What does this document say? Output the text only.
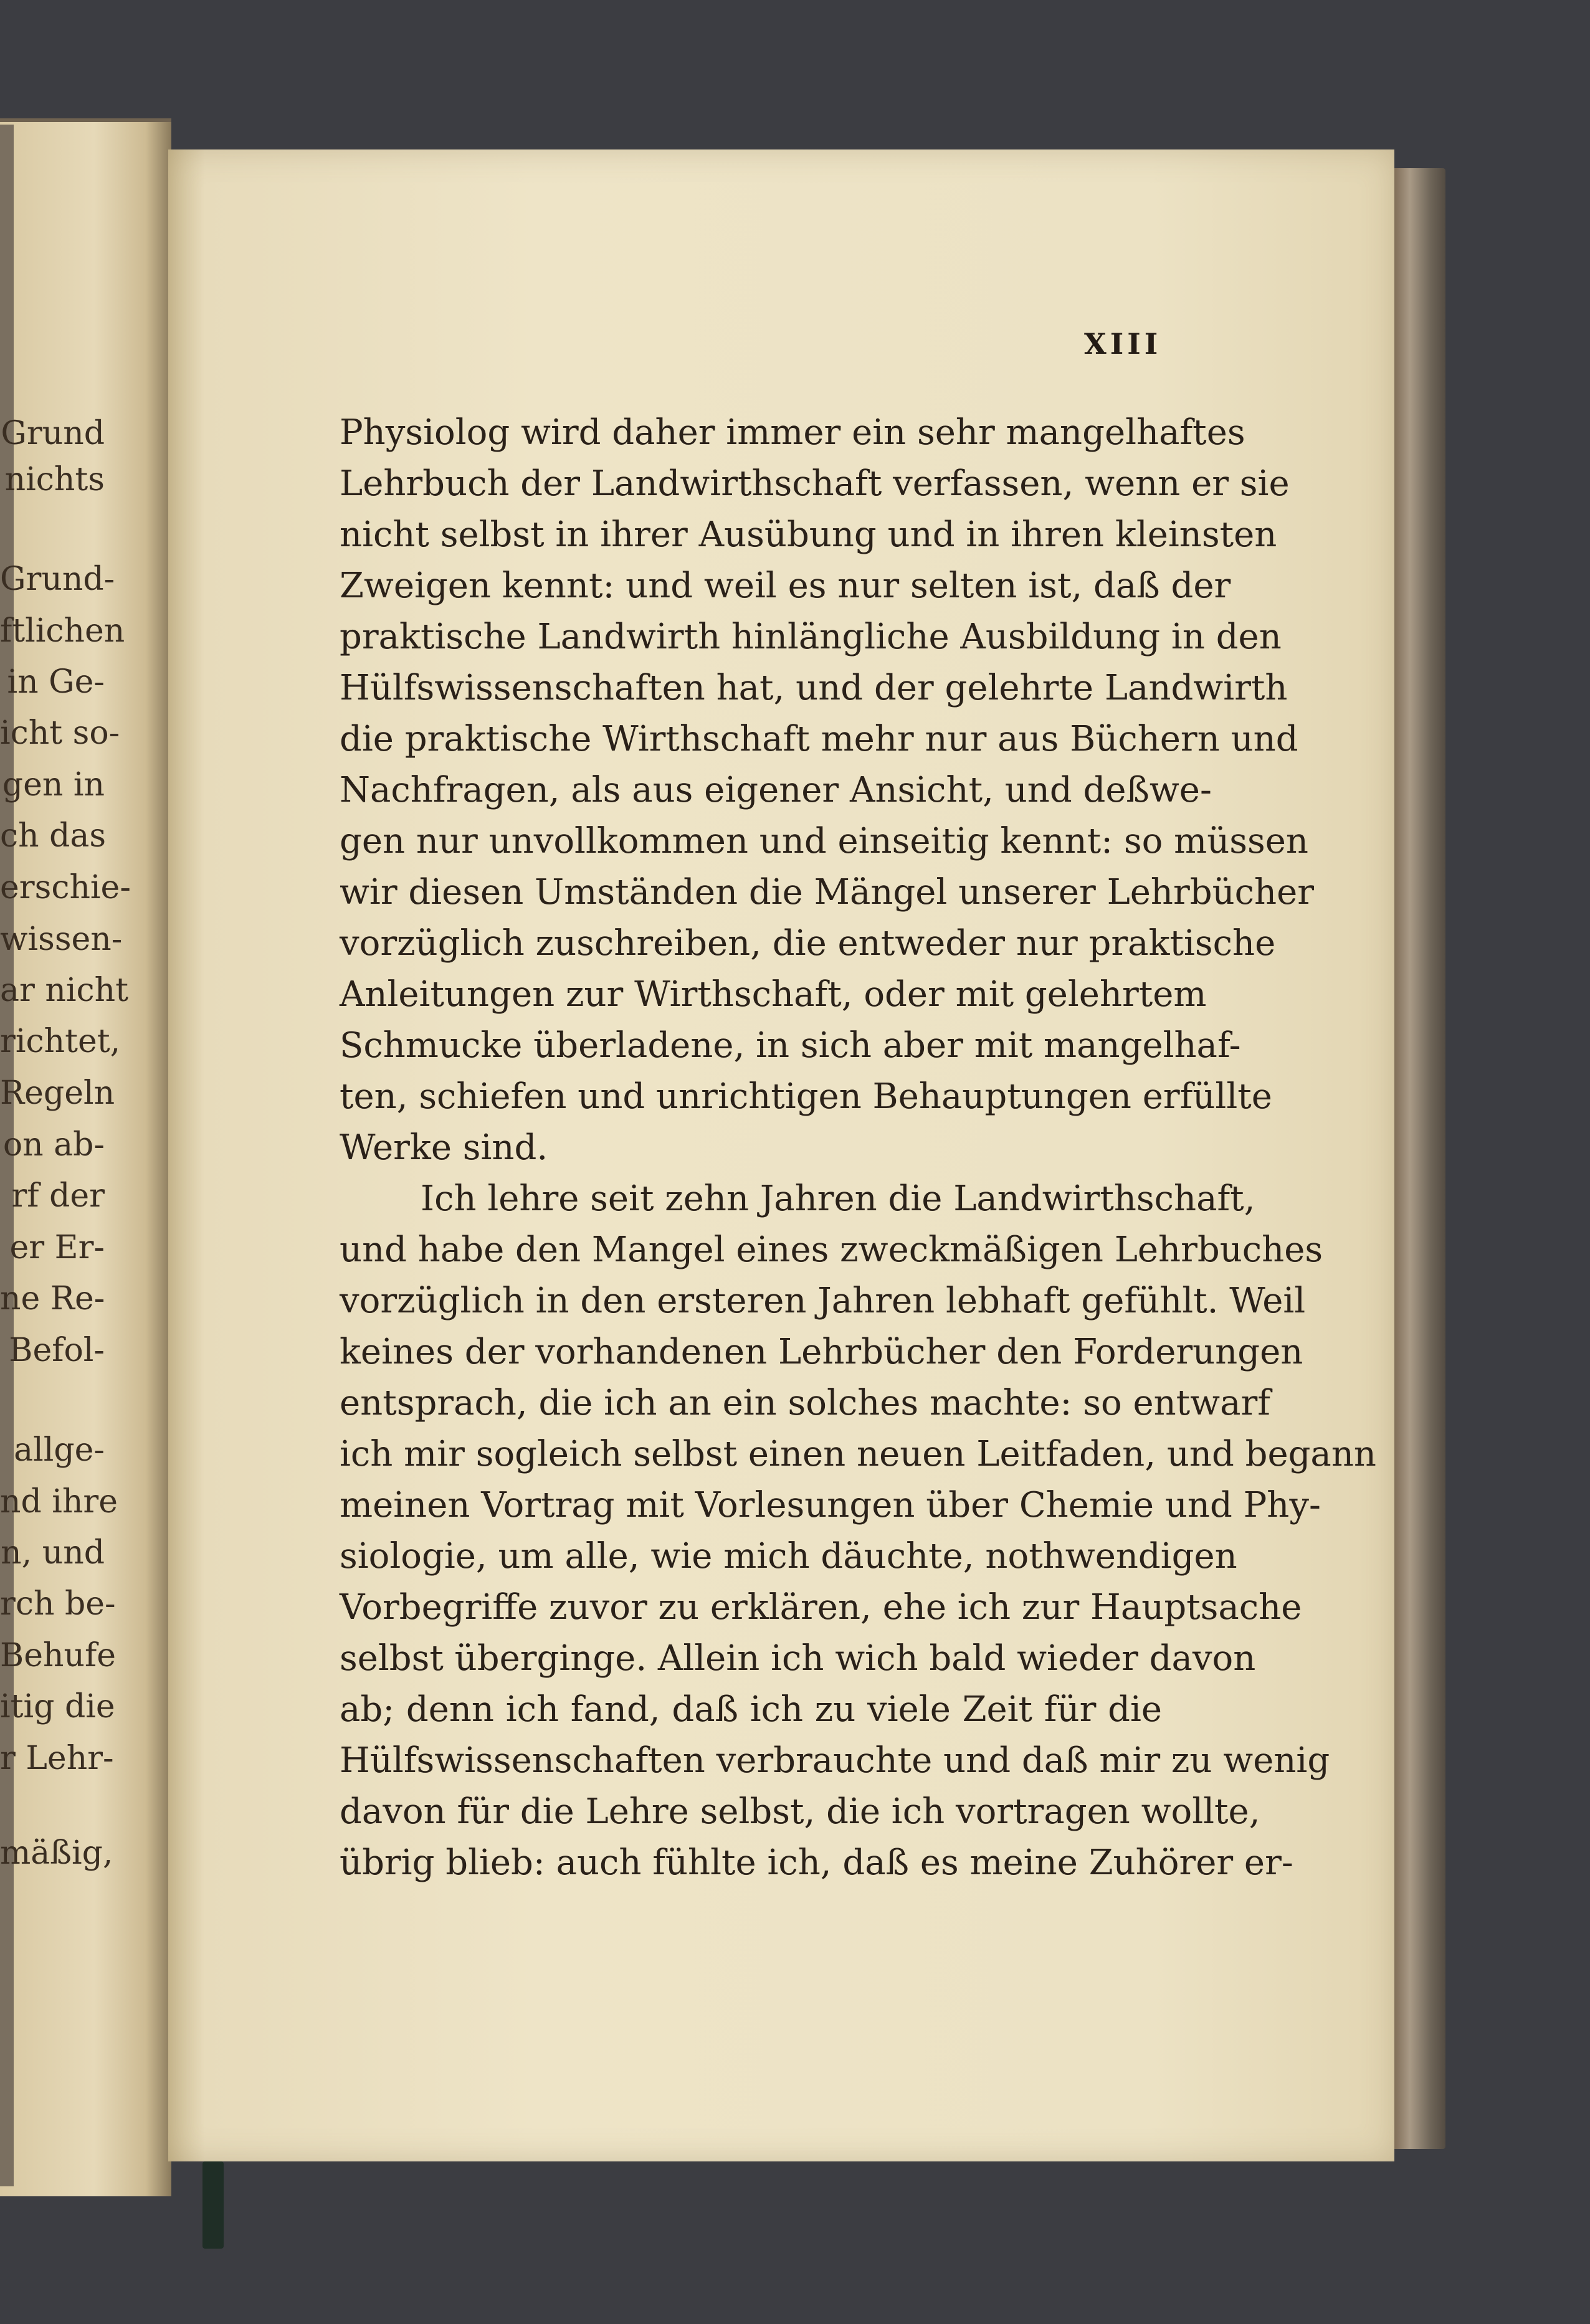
Grund
nichts
Grund-
ftlichen
in Ge-
icht so-
gen in
ch das
erschie-
wissen-
ar nicht
richtet,
Regeln
on ab-
rf der
er Er-
ne Re-
Befol-
allge-
nd ihre
n, und
rch be-
Behufe
itig die
r Lehr-
mäßig,
XIII
Physiolog wird daher immer ein sehr mangelhaftes
Lehrbuch der Landwirthschaft verfassen, wenn er sie
nicht selbst in ihrer Ausübung und in ihren kleinsten
Zweigen kennt: und weil es nur selten ist, daß der
praktische Landwirth hinlängliche Ausbildung in den
Hülfswissenschaften hat, und der gelehrte Landwirth
die praktische Wirthschaft mehr nur aus Büchern und
Nachfragen, als aus eigener Ansicht, und deßwe-
gen nur unvollkommen und einseitig kennt: so müssen
wir diesen Umständen die Mängel unserer Lehrbücher
vorzüglich zuschreiben, die entweder nur praktische
Anleitungen zur Wirthschaft, oder mit gelehrtem
Schmucke überladene, in sich aber mit mangelhaf-
ten, schiefen und unrichtigen Behauptungen erfüllte
Werke sind.
Ich lehre seit zehn Jahren die Landwirthschaft,
und habe den Mangel eines zweckmäßigen Lehrbuches
vorzüglich in den ersteren Jahren lebhaft gefühlt. Weil
keines der vorhandenen Lehrbücher den Forderungen
entsprach, die ich an ein solches machte: so entwarf
ich mir sogleich selbst einen neuen Leitfaden, und begann
meinen Vortrag mit Vorlesungen über Chemie und Phy-
siologie, um alle, wie mich däuchte, nothwendigen
Vorbegriffe zuvor zu erklären, ehe ich zur Hauptsache
selbst überginge. Allein ich wich bald wieder davon
ab; denn ich fand, daß ich zu viele Zeit für die
Hülfswissenschaften verbrauchte und daß mir zu wenig
davon für die Lehre selbst, die ich vortragen wollte,
übrig blieb: auch fühlte ich, daß es meine Zuhörer er-
